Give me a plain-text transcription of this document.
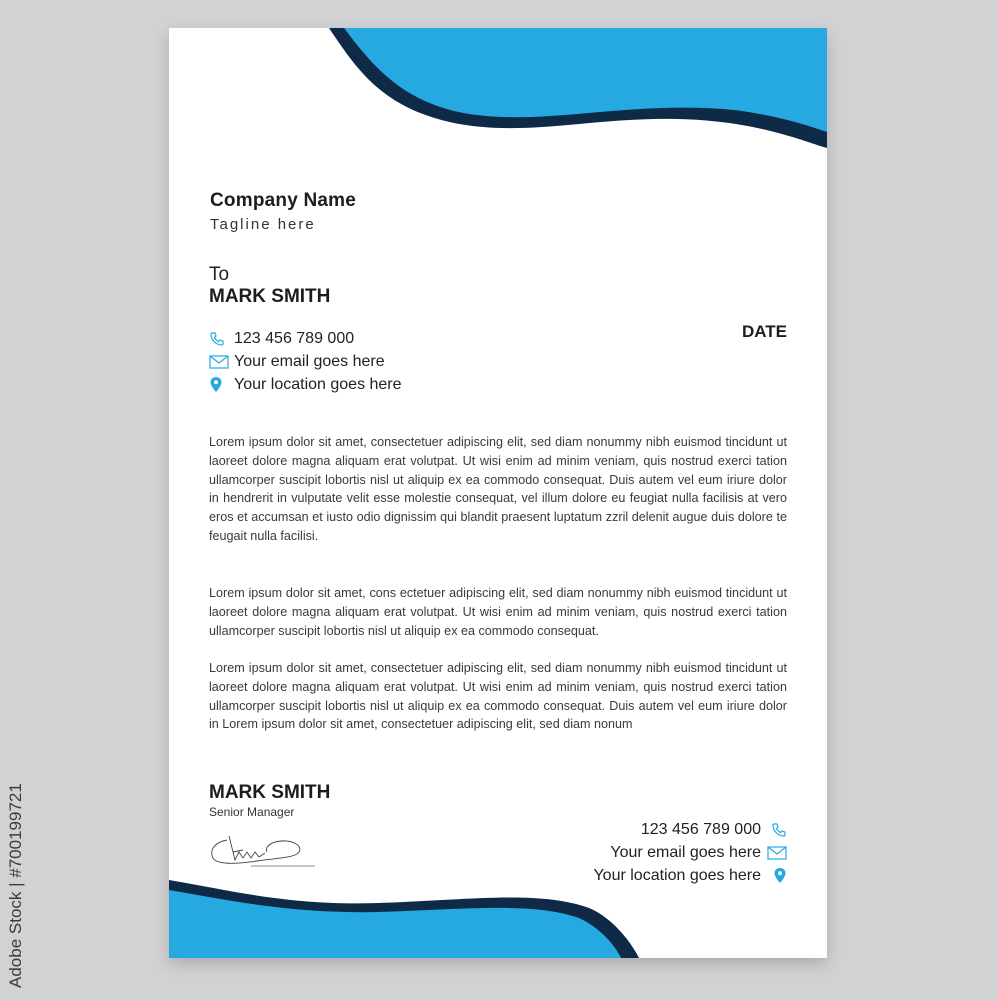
Adobe Stock | #700199721
Company Name
Tagline here
To
MARK SMITH
123 456 789 000
Your email goes here
Your location goes here
DATE
Lorem ipsum dolor sit amet, consectetuer adipiscing elit, sed diam nonummy nibh euismod tincidunt ut laoreet dolore magna aliquam erat volutpat. Ut wisi enim ad minim veniam, quis nostrud exerci tation ullamcorper suscipit lobortis nisl ut aliquip ex ea commodo consequat. Duis autem vel eum iriure dolor in hendrerit in vulputate velit esse molestie consequat, vel illum dolore eu feugiat nulla facilisis at vero eros et accumsan et iusto odio dignissim qui blandit praesent luptatum zzril delenit augue duis dolore te feugait nulla facilisi.
Lorem ipsum dolor sit amet, cons ectetuer adipiscing elit, sed diam nonummy nibh euismod tincidunt ut laoreet dolore magna aliquam erat volutpat. Ut wisi enim ad minim veniam, quis nostrud exerci tation ullamcorper suscipit lobortis nisl ut aliquip ex ea commodo consequat.
Lorem ipsum dolor sit amet, consectetuer adipiscing elit, sed diam nonummy nibh euismod tincidunt ut laoreet dolore magna aliquam erat volutpat. Ut wisi enim ad minim veniam, quis nostrud exerci tation ullamcorper suscipit lobortis nisl ut aliquip ex ea commodo consequat. Duis autem vel eum iriure dolor in Lorem ipsum dolor sit amet, consectetuer adipiscing elit, sed diam nonum
MARK SMITH
Senior Manager
123 456 789 000
Your email goes here
Your location goes here
